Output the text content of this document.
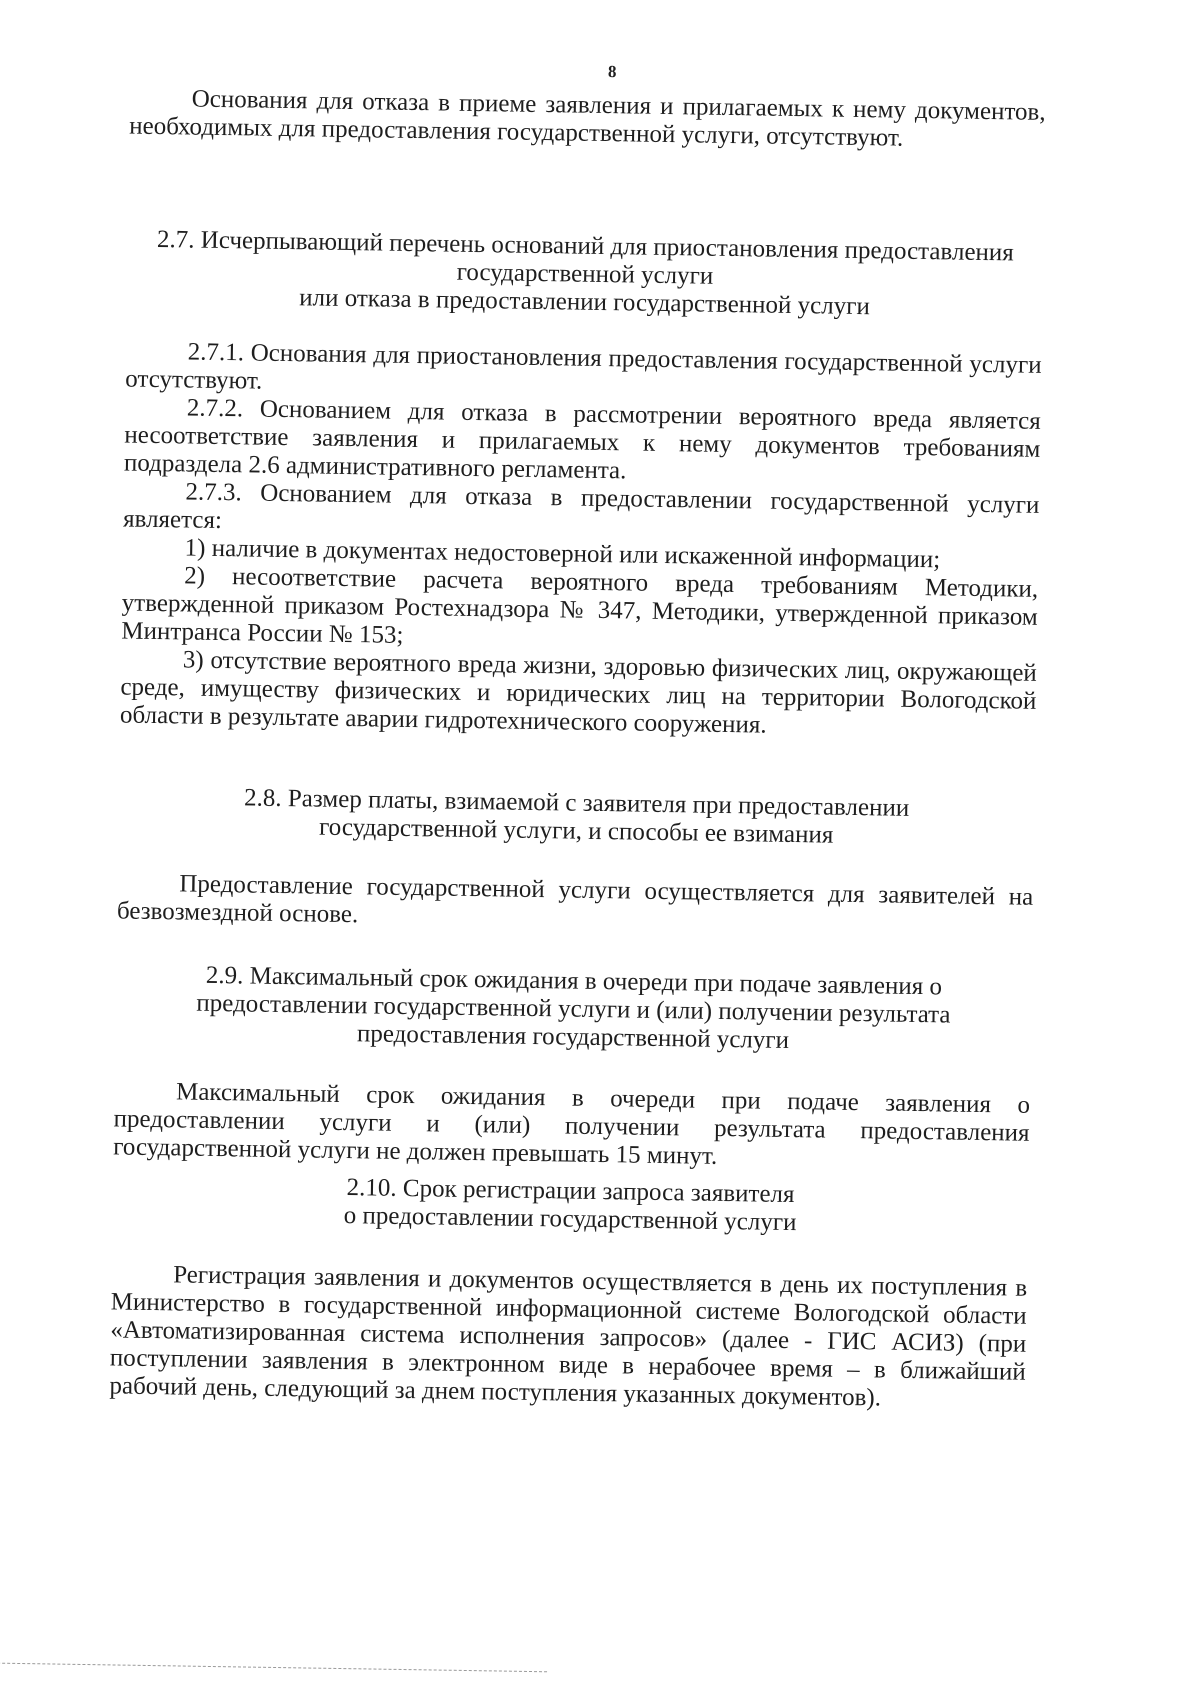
8

Основания для отказа в приеме заявления и прилагаемых к нему документов, необходимых для предоставления государственной услуги, отсутствуют.

2.7. Исчерпывающий перечень оснований для приостановления предоставления

государственной услуги

или отказа в предоставлении государственной услуги

2.7.1. Основания для приостановления предоставления государственной услуги отсутствуют.

2.7.2. Основанием для отказа в рассмотрении вероятного вреда является несоответствие заявления и прилагаемых к нему документов требованиям подраздела 2.6 административного регламента.

2.7.3. Основанием для отказа в предоставлении государственной услуги является:

1) наличие в документах недостоверной или искаженной информации;

2) несоответствие расчета вероятного вреда требованиям Методики, утвержденной приказом Ростехнадзора № 347, Методики, утвержденной приказом Минтранса России № 153;

3) отсутствие вероятного вреда жизни, здоровью физических лиц, окружающей среде, имуществу физических и юридических лиц на территории Вологодской области в результате аварии гидротехнического сооружения.

2.8. Размер платы, взимаемой с заявителя при предоставлении

государственной услуги, и способы ее взимания

Предоставление государственной услуги осуществляется для заявителей на безвозмездной основе.

2.9. Максимальный срок ожидания в очереди при подаче заявления о

предоставлении государственной услуги и (или) получении результата

предоставления государственной услуги

Максимальный срок ожидания в очереди при подаче заявления о предоставлении услуги и (или) получении результата предоставления государственной услуги не должен превышать 15 минут.

2.10. Срок регистрации запроса заявителя

о предоставлении государственной услуги

Регистрация заявления и документов осуществляется в день их поступления в Министерство в государственной информационной системе Вологодской области «Автоматизированная система исполнения запросов» (далее - ГИС АСИЗ) (при поступлении заявления в электронном виде в нерабочее время – в ближайший рабочий день, следующий за днем поступления указанных документов).
